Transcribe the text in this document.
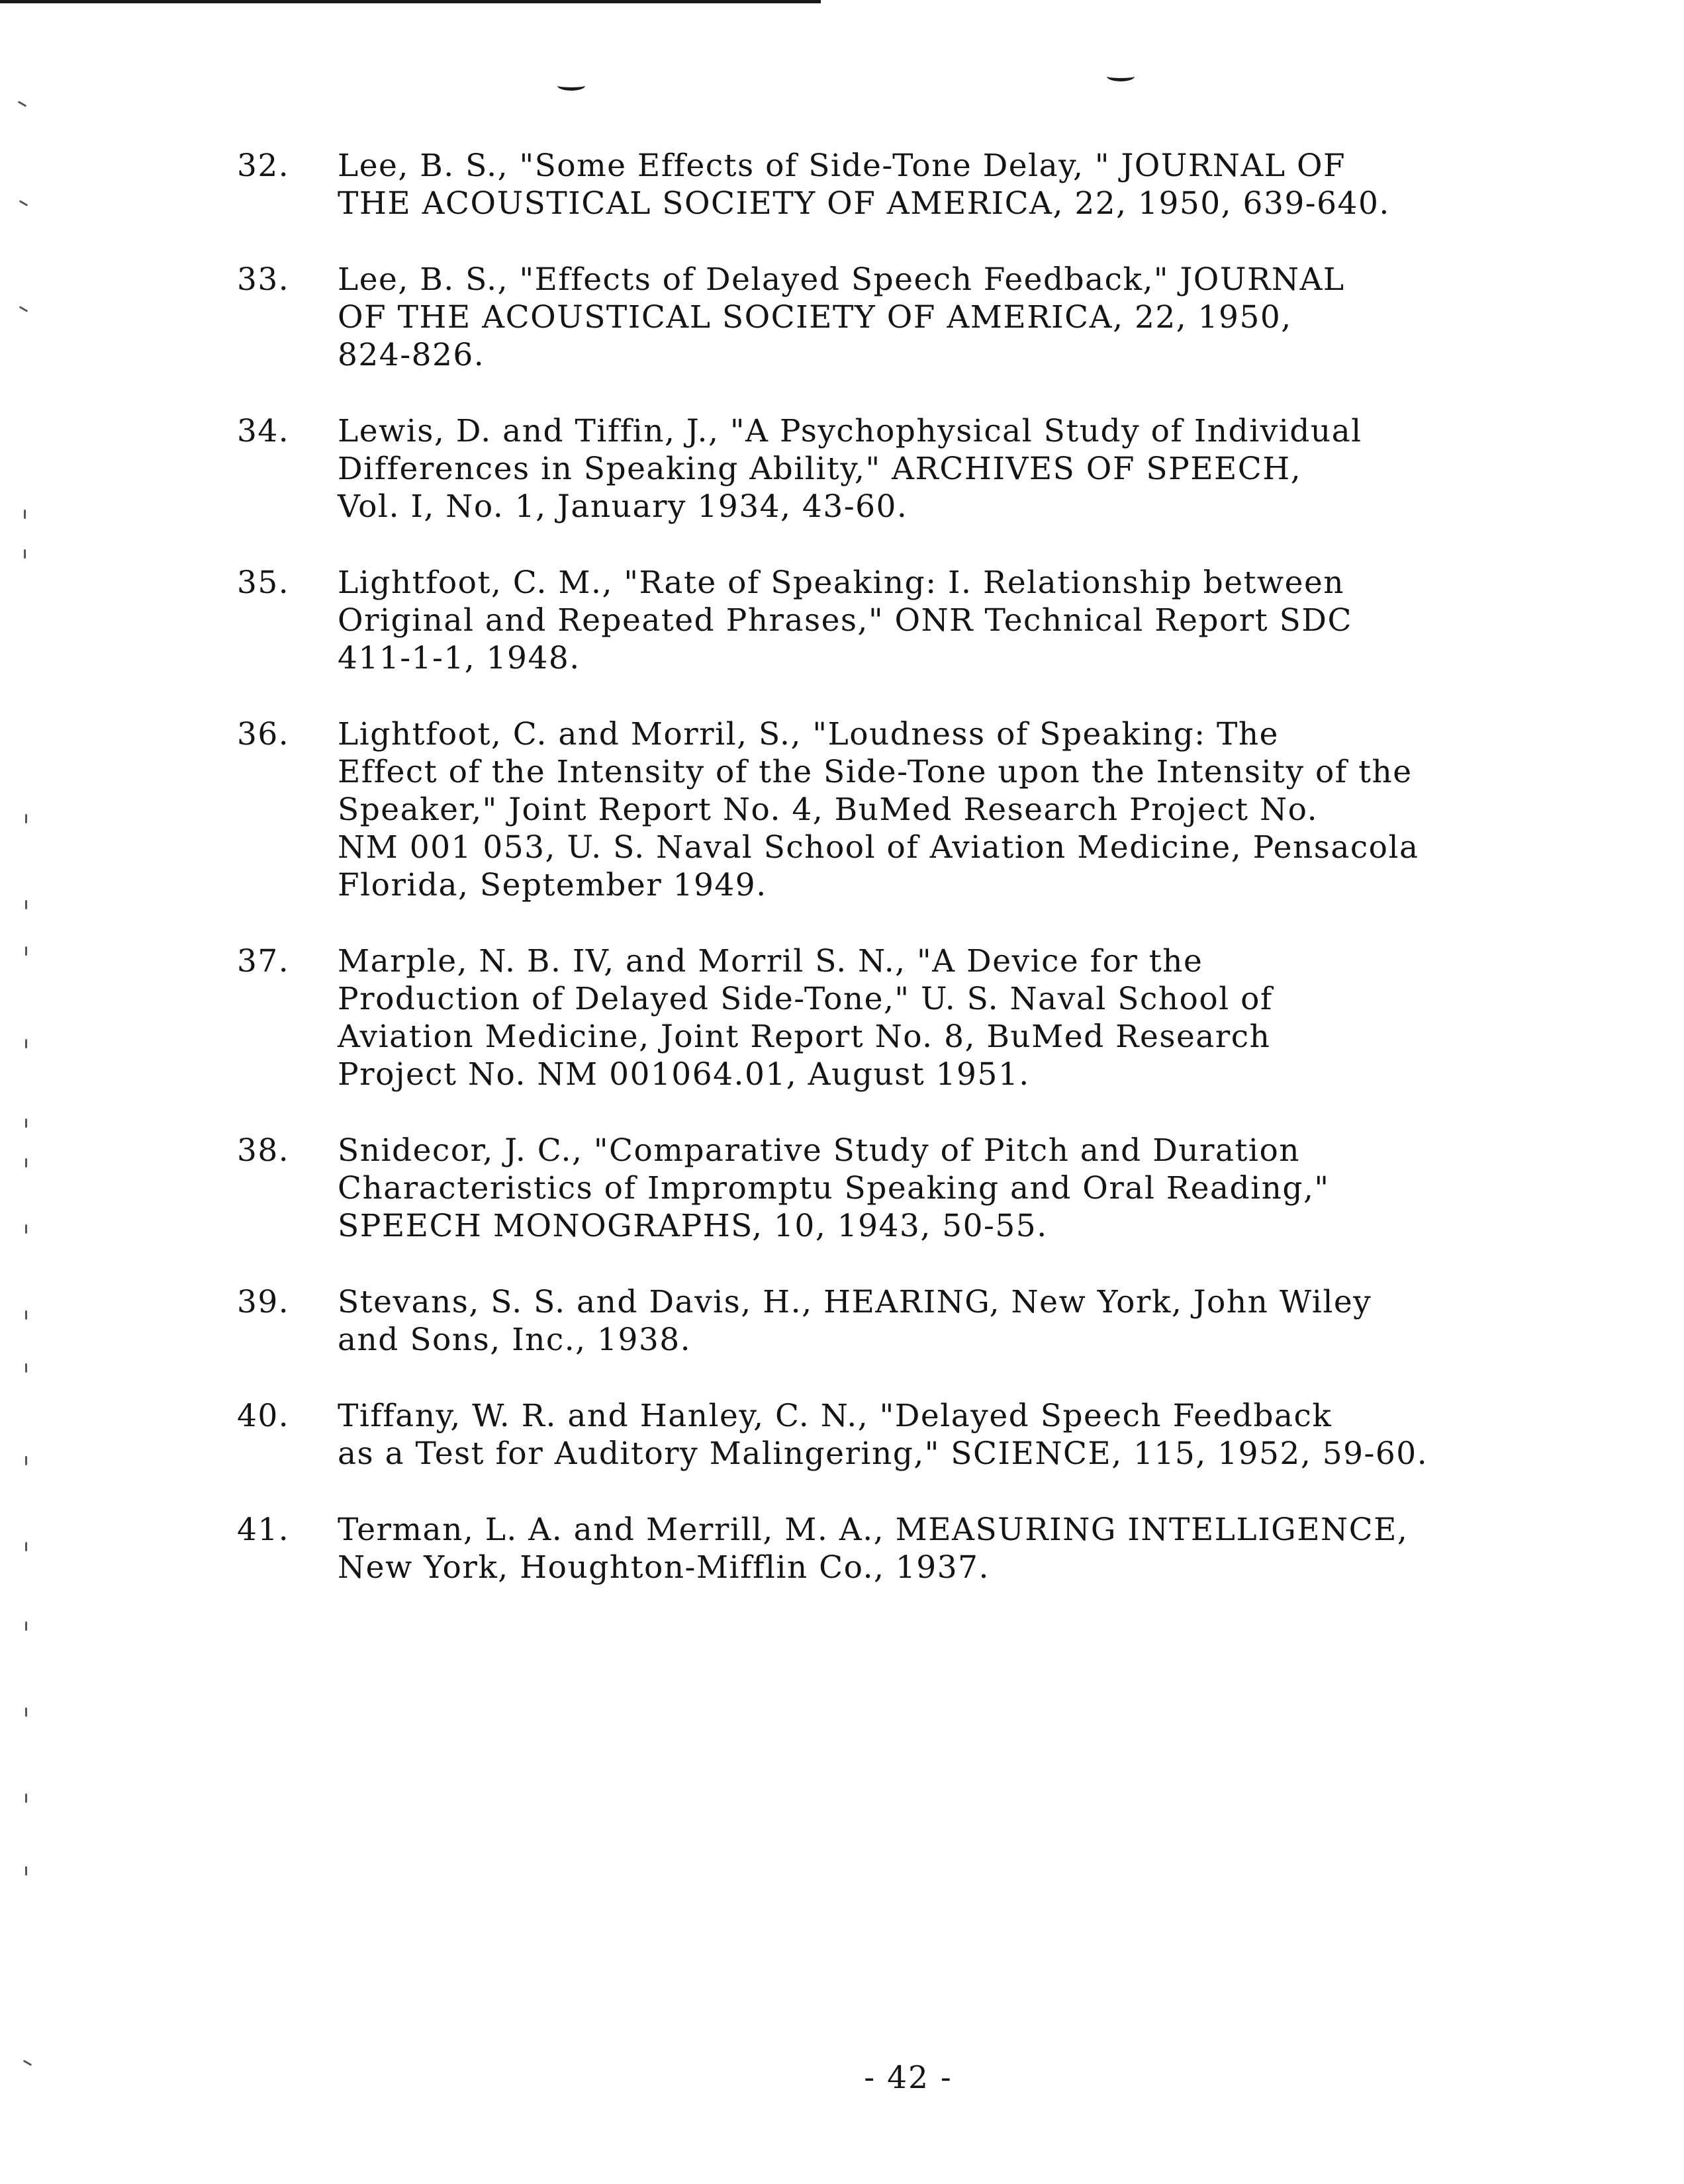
32. Lee, B. S., "Some Effects of Side-Tone Delay, " JOURNAL OF
THE ACOUSTICAL SOCIETY OF AMERICA, 22, 1950, 639-640.
33. Lee, B. S., "Effects of Delayed Speech Feedback," JOURNAL
OF THE ACOUSTICAL SOCIETY OF AMERICA, 22, 1950,
824-826.
34. Lewis, D. and Tiffin, J., "A Psychophysical Study of Individual
Differences in Speaking Ability," ARCHIVES OF SPEECH,
Vol. I, No. 1, January 1934, 43-60.
35. Lightfoot, C. M., "Rate of Speaking: I. Relationship between
Original and Repeated Phrases," ONR Technical Report SDC
411-1-1, 1948.
36. Lightfoot, C. and Morril, S., "Loudness of Speaking: The
Effect of the Intensity of the Side-Tone upon the Intensity of the
Speaker," Joint Report No. 4, BuMed Research Project No.
NM 001 053, U. S. Naval School of Aviation Medicine, Pensacola
Florida, September 1949.
37. Marple, N. B. IV, and Morril S. N., "A Device for the
Production of Delayed Side-Tone," U. S. Naval School of
Aviation Medicine, Joint Report No. 8, BuMed Research
Project No. NM 001064.01, August 1951.
38. Snidecor, J. C., "Comparative Study of Pitch and Duration
Characteristics of Impromptu Speaking and Oral Reading,"
SPEECH MONOGRAPHS, 10, 1943, 50-55.
39. Stevans, S. S. and Davis, H., HEARING, New York, John Wiley
and Sons, Inc., 1938.
40. Tiffany, W. R. and Hanley, C. N., "Delayed Speech Feedback
as a Test for Auditory Malingering," SCIENCE, 115, 1952, 59-60.
41. Terman, L. A. and Merrill, M. A., MEASURING INTELLIGENCE,
New York, Houghton-Mifflin Co., 1937.
- 42 -
